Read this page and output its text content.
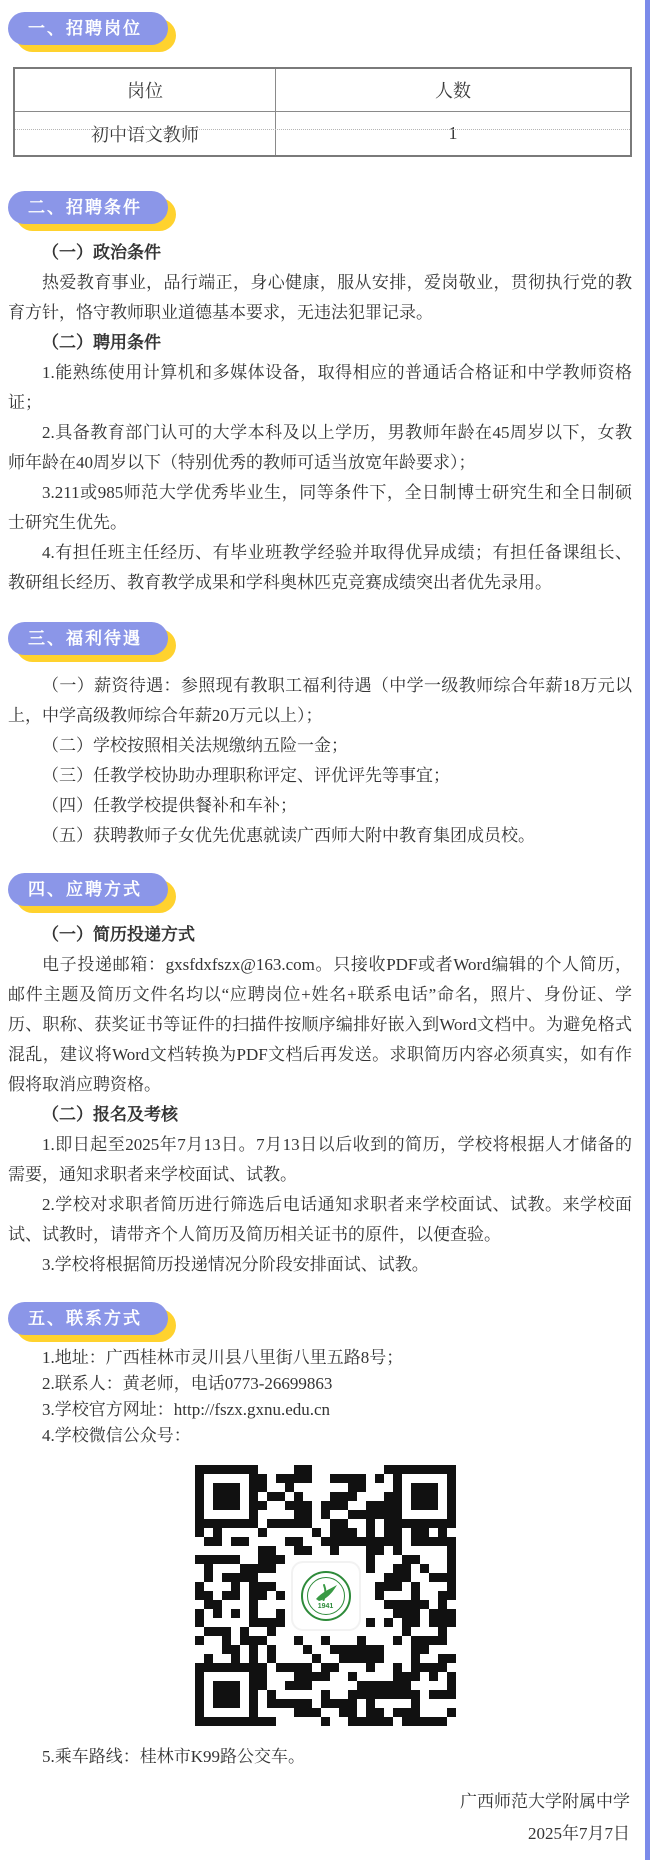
一、招聘岗位
岗位	人数
初中语文教师	1
二、招聘条件

（一）政治条件

热爱教育事业，品行端正，身心健康，服从安排，爱岗敬业，贯彻执行党的教育方针，恪守教师职业道德基本要求，无违法犯罪记录。

（二）聘用条件

1.能熟练使用计算机和多媒体设备，取得相应的普通话合格证和中学教师资格证；

2.具备教育部门认可的大学本科及以上学历，男教师年龄在45周岁以下，女教师年龄在40周岁以下（特别优秀的教师可适当放宽年龄要求）；

3.211或985师范大学优秀毕业生，同等条件下，全日制博士研究生和全日制硕士研究生优先。

4.有担任班主任经历、有毕业班教学经验并取得优异成绩；有担任备课组长、教研组长经历、教育教学成果和学科奥林匹克竞赛成绩突出者优先录用。

三、福利待遇

（一）薪资待遇：参照现有教职工福利待遇（中学一级教师综合年薪18万元以上，中学高级教师综合年薪20万元以上）；

（二）学校按照相关法规缴纳五险一金；

（三）任教学校协助办理职称评定、评优评先等事宜；

（四）任教学校提供餐补和车补；

（五）获聘教师子女优先优惠就读广西师大附中教育集团成员校。

四、应聘方式

（一）简历投递方式

电子投递邮箱：gxsfdxfszx@163.com。只接收PDF或者Word编辑的个人简历，邮件主题及简历文件名均以“应聘岗位+姓名+联系电话”命名，照片、身份证、学历、职称、获奖证书等证件的扫描件按顺序编排好嵌入到Word文档中。为避免格式混乱，建议将Word文档转换为PDF文档后再发送。求职简历内容必须真实，如有作假将取消应聘资格。

（二）报名及考核

1.即日起至2025年7月13日。7月13日以后收到的简历，学校将根据人才储备的需要，通知求职者来学校面试、试教。

2.学校对求职者简历进行筛选后电话通知求职者来学校面试、试教。来学校面试、试教时，请带齐个人简历及简历相关证书的原件，以便查验。

3.学校将根据简历投递情况分阶段安排面试、试教。

五、联系方式

1.地址：广西桂林市灵川县八里街八里五路8号；

2.联系人：黄老师，电话0773-26699863

3.学校官方网址：http://fszx.gxnu.edu.cn

4.学校微信公众号：

1941

5.乘车路线：桂林市K99路公交车。

广西师范大学附属中学

2025年7月7日
